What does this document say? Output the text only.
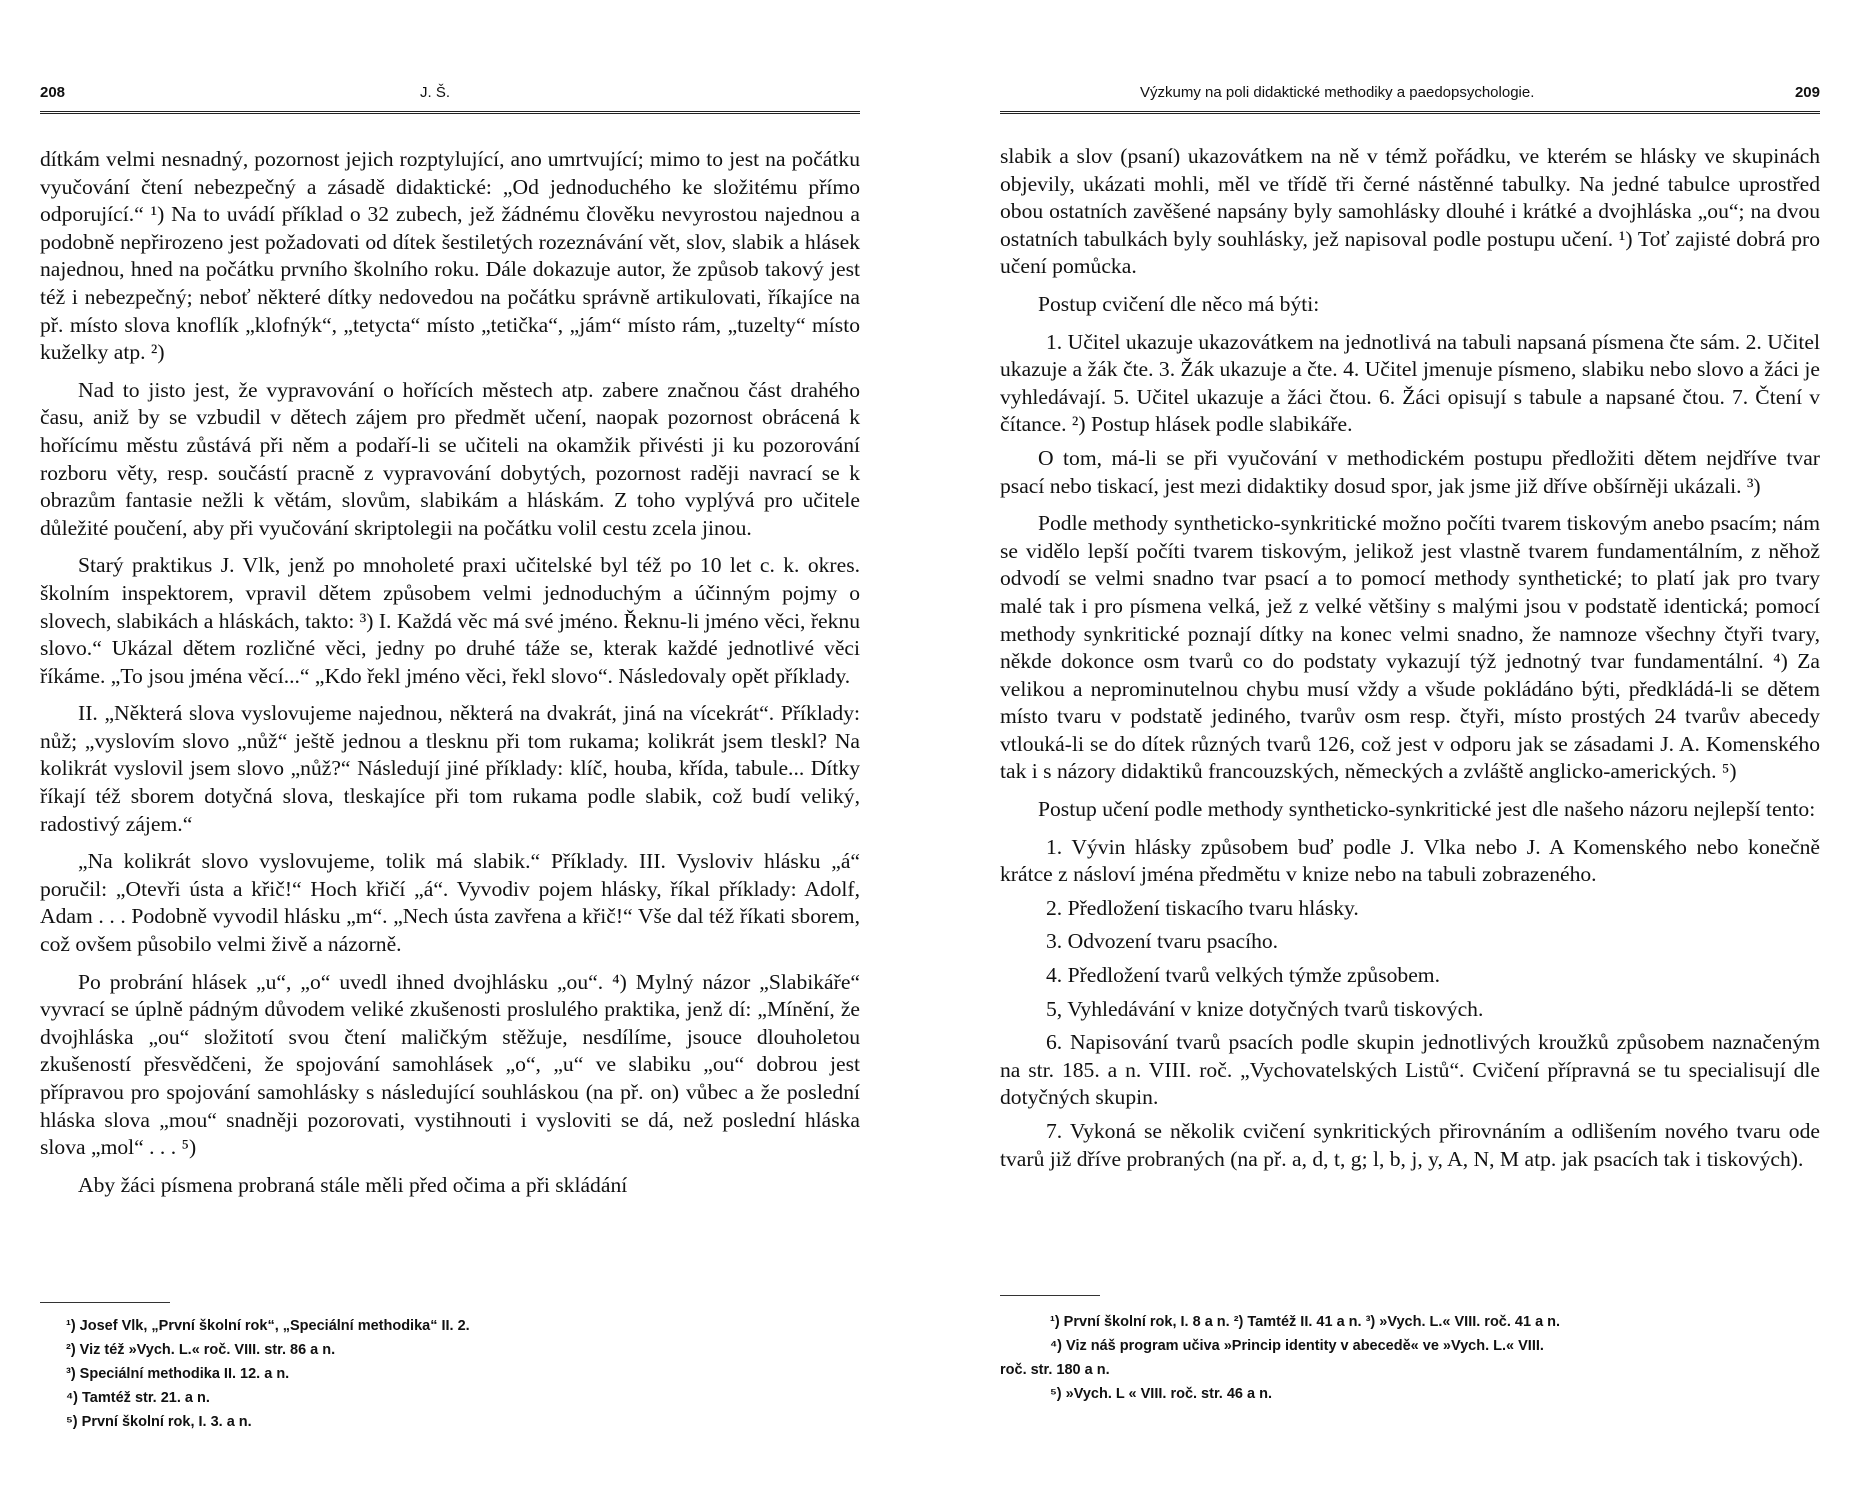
208	J. Š.

dítkám velmi nesnadný, pozornost jejich rozptylující, ano umrtvující; mimo to jest na počátku vyučování čtení nebezpečný a zásadě didaktické: „Od jednoduchého ke složitému přímo odporující.“ ¹) Na to uvádí příklad o 32 zubech, jež žádnému člověku nevyrostou najednou a podobně nepřirozeno jest požadovati od dítek šestiletých rozeznávání vět, slov, slabik a hlásek najednou, hned na počátku prvního školního roku. Dále dokazuje autor, že způsob takový jest též i nebezpečný; neboť některé dítky nedovedou na počátku správně artikulovati, říkajíce na př. místo slova knoflík „klofnýk“, „tetycta“ místo „tetička“, „jám“ místo rám, „tuzelty“ místo kuželky atp. ²)

Nad to jisto jest, že vypravování o hořících městech atp. zabere značnou část drahého času, aniž by se vzbudil v dětech zájem pro předmět učení, naopak pozornost obrácená k hořícímu městu zůstává při něm a podaří-li se učiteli na okamžik přivésti ji ku pozorování rozboru věty, resp. součástí pracně z vypravování dobytých, pozornost raději navrací se k obrazům fantasie nežli k větám, slovům, slabikám a hláskám. Z toho vyplývá pro učitele důležité poučení, aby při vyučování skriptolegii na počátku volil cestu zcela jinou.

Starý praktikus J. Vlk, jenž po mnoholeté praxi učitelské byl též po 10 let c. k. okres. školním inspektorem, vpravil dětem způsobem velmi jednoduchým a účinným pojmy o slovech, slabikách a hláskách, takto: ³) I. Každá věc má své jméno. Řeknu-li jméno věci, řeknu slovo.“ Ukázal dětem rozličné věci, jedny po druhé táže se, kterak každé jednotlivé věci říkáme. „To jsou jména věcí...“ „Kdo řekl jméno věci, řekl slovo“. Následovaly opět příklady.

II. „Některá slova vyslovujeme najednou, některá na dvakrát, jiná na vícekrát“. Příklady: nůž; „vyslovím slovo „nůž“ ještě jednou a tlesknu při tom rukama; kolikrát jsem tleskl? Na kolikrát vyslovil jsem slovo „nůž?“ Následují jiné příklady: klíč, houba, křída, tabule... Dítky říkají též sborem dotyčná slova, tleskajíce při tom rukama podle slabik, což budí veliký, radostivý zájem.“

„Na kolikrát slovo vyslovujeme, tolik má slabik.“ Příklady. III. Vysloviv hlásku „á“ poručil: „Otevři ústa a křič!“ Hoch křičí „á“. Vyvodiv pojem hlásky, říkal příklady: Adolf, Adam . . . Podobně vyvodil hlásku „m“. „Nech ústa zavřena a křič!“ Vše dal též říkati sborem, což ovšem působilo velmi živě a názorně.

Po probrání hlásek „u“, „o“ uvedl ihned dvojhlásku „ou“. ⁴) Mylný názor „Slabikáře“ vyvrací se úplně pádným důvodem veliké zkušenosti proslulého praktika, jenž dí: „Mínění, že dvojhláska „ou“ složitotí svou čtení maličkým stěžuje, nesdílíme, jsouce dlouholetou zkušeností přesvědčeni, že spojování samohlásek „o“, „u“ ve slabiku „ou“ dobrou jest přípravou pro spojování samohlásky s následující souhláskou (na př. on) vůbec a že poslední hláska slova „mou“ snadněji pozorovati, vystihnouti i vysloviti se dá, než poslední hláska slova „mol“ . . . ⁵)

Aby žáci písmena probraná stále měli před očima a při skládání

¹) Josef Vlk, „První školní rok“, „Speciální methodika“ II. 2.
²) Viz též »Vych. L.« roč. VIII. str. 86 a n.
³) Speciální methodika II. 12. a n.
⁴) Tamtéž str. 21. a n.
⁵) První školní rok, I. 3. a n.
Výzkumy na poli didaktické methodiky a paedopsychologie.	209

slabik a slov (psaní) ukazovátkem na ně v témž pořádku, ve kterém se hlásky ve skupinách objevily, ukázati mohli, měl ve třídě tři černé nástěnné tabulky. Na jedné tabulce uprostřed obou ostatních zavěšené napsány byly samohlásky dlouhé i krátké a dvojhláska „ou“; na dvou ostatních tabulkách byly souhlásky, jež napisoval podle postupu učení. ¹) Toť zajisté dobrá pro učení pomůcka.

Postup cvičení dle něco má býti:

1. Učitel ukazuje ukazovátkem na jednotlivá na tabuli napsaná písmena čte sám. 2. Učitel ukazuje a žák čte. 3. Žák ukazuje a čte. 4. Učitel jmenuje písmeno, slabiku nebo slovo a žáci je vyhledávají. 5. Učitel ukazuje a žáci čtou. 6. Žáci opisují s tabule a napsané čtou. 7. Čtení v čítance. ²) Postup hlásek podle slabikáře.

O tom, má-li se při vyučování v methodickém postupu předložiti dětem nejdříve tvar psací nebo tiskací, jest mezi didaktiky dosud spor, jak jsme již dříve obšírněji ukázali. ³)

Podle methody syntheticko-synkritické možno počíti tvarem tiskovým anebo psacím; nám se vidělo lepší počíti tvarem tiskovým, jelikož jest vlastně tvarem fundamentálním, z něhož odvodí se velmi snadno tvar psací a to pomocí methody synthetické; to platí jak pro tvary malé tak i pro písmena velká, jež z velké většiny s malými jsou v podstatě identická; pomocí methody synkritické poznají dítky na konec velmi snadno, že namnoze všechny čtyři tvary, někde dokonce osm tvarů co do podstaty vykazují týž jednotný tvar fundamentální. ⁴) Za velikou a neprominutelnou chybu musí vždy a všude pokládáno býti, předkládá-li se dětem místo tvaru v podstatě jediného, tvarův osm resp. čtyři, místo prostých 24 tvarův abecedy vtlouká-li se do dítek různých tvarů 126, což jest v odporu jak se zásadami J. A. Komenského tak i s názory didaktiků francouzských, německých a zvláště anglicko-amerických. ⁵)

Postup učení podle methody syntheticko-synkritické jest dle našeho názoru nejlepší tento:

1. Vývin hlásky způsobem buď podle J. Vlka nebo J. A Komenského nebo konečně krátce z násloví jména předmětu v knize nebo na tabuli zobrazeného.

2. Předložení tiskacího tvaru hlásky.

3. Odvození tvaru psacího.

4. Předložení tvarů velkých týmže způsobem.

5, Vyhledávání v knize dotyčných tvarů tiskových.

6. Napisování tvarů psacích podle skupin jednotlivých kroužků způsobem naznačeným na str. 185. a n. VIII. roč. „Vychovatelských Listů“. Cvičení přípravná se tu specialisují dle dotyčných skupin.

7. Vykoná se několik cvičení synkritických přirovnáním a odlišením nového tvaru ode tvarů již dříve probraných (na př. a, d, t, g; l, b, j, y, A, N, M atp. jak psacích tak i tiskových).

¹) První školní rok, I. 8 a n. ²) Tamtéž II. 41 a n. ³) »Vych. L.« VIII. roč. 41 a n.
⁴) Viz náš program učiva »Princip identity v abecedě« ve »Vych. L.« VIII.
roč. str. 180 a n.
⁵) »Vych. L « VIII. roč. str. 46 a n.
